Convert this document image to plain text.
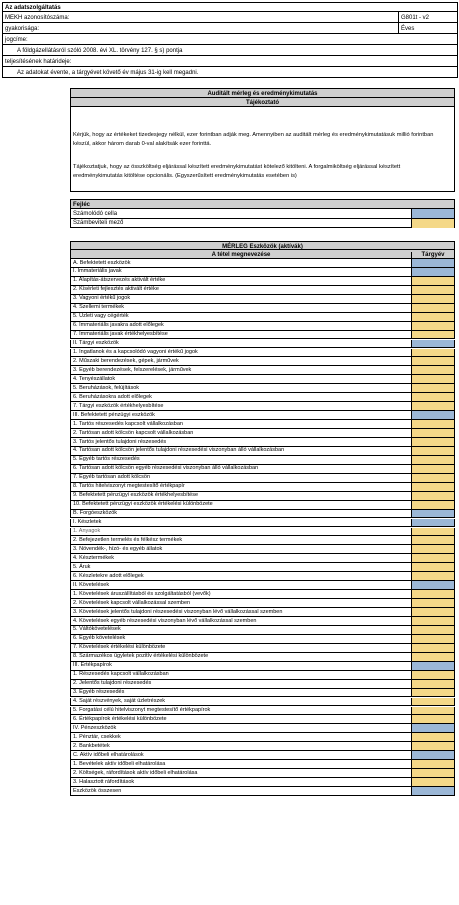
Az adatszolgáltatás
MEKH azonosítószáma:	G801t - v2
gyakorisága:	Éves
jogcíme:
A földgázellátásról szóló 2008. évi XL. törvény 127. § s) pontja
teljesítésének határideje:
Az adatokat évente, a tárgyévet követő év május 31-ig kell megadni.
Auditált mérleg és eredménykimutatás
Tájékoztató
Kérjük, hogy az értékeket tizedesjegy nélkül, ezer forintban adják meg. Amennyiben az auditált mérleg és eredménykimutatásuk millió forintban készül, akkor három darab 0-val alakítsák ezer forinttá.
Tájékoztatjuk, hogy az összköltség eljárással készített eredménykimutatást kötelező kitölteni. A forgalmiköltség eljárással készített eredménykimutatás kitöltése opcionális. (Egyszerűsített eredménykimutatás esetében is)
Fejléc
Számolódó cella
Számbeviteli mező
MÉRLEG Eszközök (aktívák)
A tétel megnevezése	Tárgyév
A. Befektetett eszközök
I. Immateriális javak
1. Alapítás-átszervezés aktivált értéke
2. Kísérleti fejlesztés aktivált értéke
3. Vagyoni értékű jogok
4. Szellemi termékek
5. Üzleti vagy cégérték
6. Immateriális javakra adott előlegek
7. Immateriális javak értékhelyesbítése
II. Tárgyi eszközök
1. Ingatlanok és a kapcsolódó vagyoni értékű jogok
2. Műszaki berendezések, gépek, járművek
3. Egyéb berendezések, felszerelések, járművek
4. Tenyészállatok
5. Beruházások, felújítások
6. Beruházásokra adott előlegek
7. Tárgyi eszközök értékhelyesbítése
III. Befektetett pénzügyi eszközök
1. Tartós részesedés kapcsolt vállalkozásban
2. Tartósan adott kölcsön kapcsolt vállalkozásban
3. Tartós jelentős tulajdoni részesedés
4. Tartósan adott kölcsön jelentős tulajdoni részesedési viszonyban álló vállalkozásban
5. Egyéb tartós részesedés
6. Tartósan adott kölcsön egyéb részesedési viszonyban álló vállalkozásban
7. Egyéb tartósan adott kölcsön
8. Tartós hitelviszonyt megtestesítő értékpapír
9. Befektetett pénzügyi eszközök értékhelyesbítése
10. Befektetett pénzügyi eszközök értékelési különbözete
B. Forgóeszközök
I. Készletek
1. Anyagok
2. Befejezetlen termelés és félkész termékek
3. Növendék-, hízó- és egyéb állatok
4. Késztermékek
5. Áruk
6. Készletekre adott előlegek
II. Követelések
1. Követelések áruszállításból és szolgáltatásból (vevők)
2. Követelések kapcsolt vállalkozással szemben
3. Követelések jelentős tulajdoni részesedési viszonyban lévő vállalkozással szemben
4. Követelések egyéb részesedési viszonyban lévő vállalkozással szemben
5. Váltókövetelések
6. Egyéb követelések
7. Követelések értékelési különbözete
8. Származékos ügyletek pozitív értékelési különbözete
III. Értékpapírok
1. Részesedés kapcsolt vállalkozásban
2. Jelentős tulajdoni részesedés
3. Egyéb részesedés
4. Saját részvények, saját üzletrészek
5. Forgatási célú hitelviszonyt megtestesítő értékpapírok
6. Értékpapírok értékelési különbözete
IV. Pénzeszközök
1. Pénztár, csekkek
2. Bankbetétek
C. Aktív időbeli elhatárolások
1. Bevételek aktív időbeli elhatárolása
2. Költségek, ráfordítások aktív időbeli elhatárolása
3. Halasztott ráfordítások
Eszközök összesen
